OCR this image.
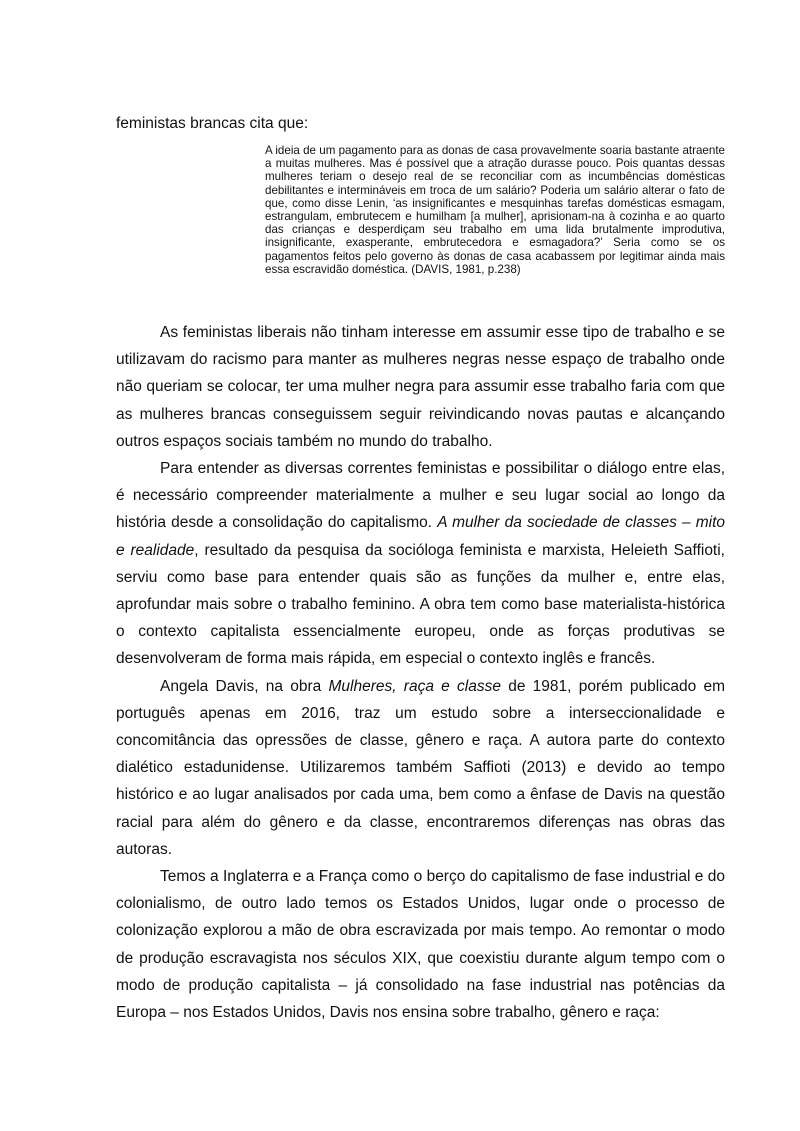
feministas brancas cita que:

A ideia de um pagamento para as donas de casa provavelmente soaria bastante atraente a muitas mulheres. Mas é possível que a atração durasse pouco. Pois quantas dessas mulheres teriam o desejo real de se reconciliar com as incumbências domésticas debilitantes e intermináveis em troca de um salário? Poderia um salário alterar o fato de que, como disse Lenin, ‘as insignificantes e mesquinhas tarefas domésticas esmagam, estrangulam, embrutecem e humilham [a mulher], aprisionam-na à cozinha e ao quarto das crianças e desperdiçam seu trabalho em uma lida brutalmente improdutiva, insignificante, exasperante, embrutecedora e esmagadora?’ Seria como se os pagamentos feitos pelo governo às donas de casa acabassem por legitimar ainda mais essa escravidão doméstica. (DAVIS, 1981, p.238)

As feministas liberais não tinham interesse em assumir esse tipo de trabalho e se utilizavam do racismo para manter as mulheres negras nesse espaço de trabalho onde não queriam se colocar, ter uma mulher negra para assumir esse trabalho faria com que as mulheres brancas conseguissem seguir reivindicando novas pautas e alcançando outros espaços sociais também no mundo do trabalho.

Para entender as diversas correntes feministas e possibilitar o diálogo entre elas, é necessário compreender materialmente a mulher e seu lugar social ao longo da história desde a consolidação do capitalismo. A mulher da sociedade de classes – mito e realidade, resultado da pesquisa da socióloga feminista e marxista, Heleieth Saffioti, serviu como base para entender quais são as funções da mulher e, entre elas, aprofundar mais sobre o trabalho feminino. A obra tem como base materialista-histórica o contexto capitalista essencialmente europeu, onde as forças produtivas se desenvolveram de forma mais rápida, em especial o contexto inglês e francês.

Angela Davis, na obra Mulheres, raça e classe de 1981, porém publicado em português apenas em 2016, traz um estudo sobre a interseccionalidade e concomitância das opressões de classe, gênero e raça. A autora parte do contexto dialético estadunidense. Utilizaremos também Saffioti (2013) e devido ao tempo histórico e ao lugar analisados por cada uma, bem como a ênfase de Davis na questão racial para além do gênero e da classe, encontraremos diferenças nas obras das autoras.

Temos a Inglaterra e a França como o berço do capitalismo de fase industrial e do colonialismo, de outro lado temos os Estados Unidos, lugar onde o processo de colonização explorou a mão de obra escravizada por mais tempo. Ao remontar o modo de produção escravagista nos séculos XIX, que coexistiu durante algum tempo com o modo de produção capitalista – já consolidado na fase industrial nas potências da Europa – nos Estados Unidos, Davis nos ensina sobre trabalho, gênero e raça:
